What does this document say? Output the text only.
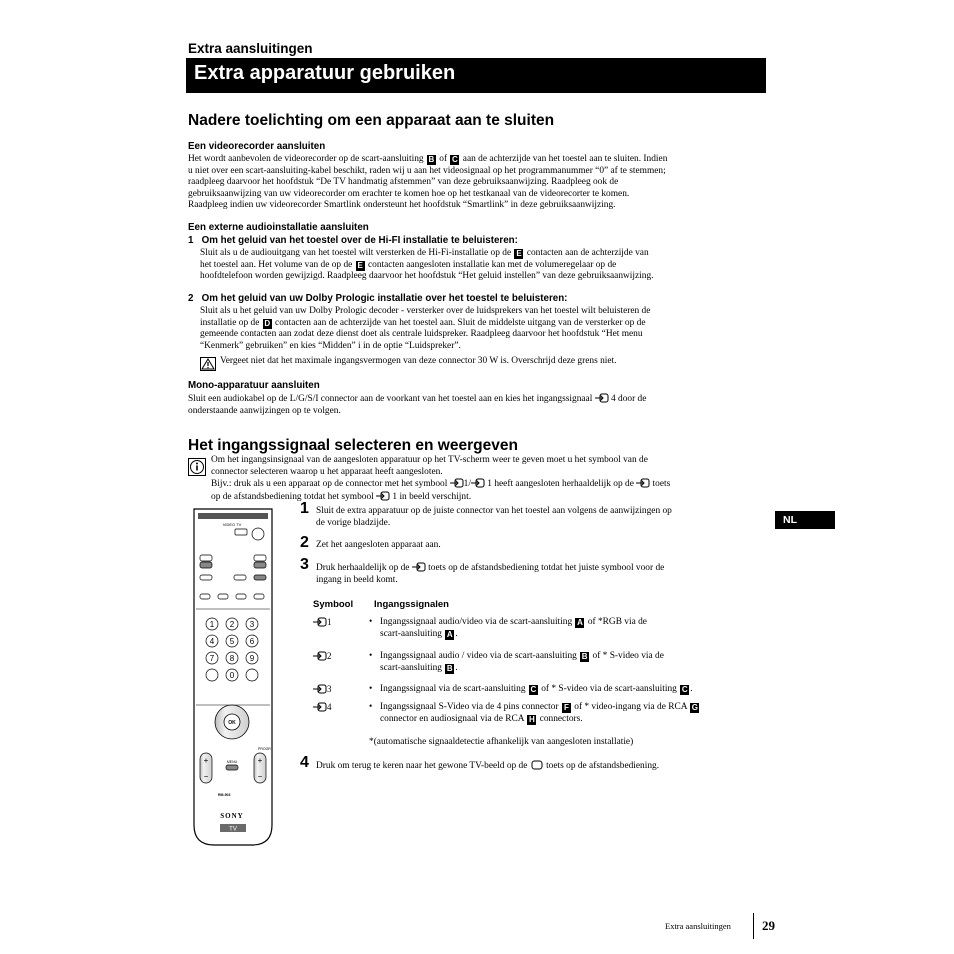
Extra aansluitingen
Extra apparatuur gebruiken
Nadere toelichting om een apparaat aan te sluiten
Een videorecorder aansluiten
Het wordt aanbevolen de videorecorder op de scart-aansluiting B of C aan de achterzijde van het toestel aan te sluiten. Indien
u niet over een scart-aansluiting-kabel beschikt, raden wij u aan het videosignaal op het programmanummer “0” af te stemmen;
raadpleeg daarvoor het hoofdstuk “De TV handmatig afstemmen” van deze gebruiksaanwijzing. Raadpleeg ook de
gebruiksaanwijzing van uw videorecorder om erachter te komen hoe op het testkanaal van de videorecorter te komen.
Raadpleeg indien uw videorecorder Smartlink ondersteunt het hoofdstuk “Smartlink” in deze gebruiksaanwijzing.
Een externe audioinstallatie aansluiten
1 Om het geluid van het toestel over de Hi-FI installatie te beluisteren:
Sluit als u de audiouitgang van het toestel wilt versterken de Hi-Fi-installatie op de E contacten aan de achterzijde van
het toestel aan. Het volume van de op de E contacten aangesloten installatie kan met de volumeregelaar op de
hoofdtelefoon worden gewijzigd. Raadpleeg daarvoor het hoofdstuk “Het geluid instellen” van deze gebruiksaanwijzing.
2 Om het geluid van uw Dolby Prologic installatie over het toestel te beluisteren:
Sluit als u het geluid van uw Dolby Prologic decoder - versterker over de luidsprekers van het toestel wilt beluisteren de
installatie op de D contacten aan de achterzijde van het toestel aan. Sluit de middelste uitgang van de versterker op de
gemeende contacten aan zodat deze dienst doet als centrale luidspreker. Raadpleeg daarvoor het hoofdstuk “Het menu
“Kenmerk” gebruiken” en kies “Midden” i in de optie “Luidspreker”.
Vergeet niet dat het maximale ingangsvermogen van deze connector 30 W is. Overschrijd deze grens niet.
Mono-apparatuur aansluiten
Sluit een audiokabel op de L/G/S/I connector aan de voorkant van het toestel aan en kies het ingangssignaal 4 door de
onderstaande aanwijzingen op te volgen.
Het ingangssignaal selecteren en weergeven
Om het ingangsinsignaal van de aangesloten apparatuur op het TV-scherm weer te geven moet u het symbool van de
connector selecteren waarop u het apparaat heeft aangesloten.
Bijv.: druk als u een apparaat op de connector met het symbool 1/ 1 heeft aangesloten herhaaldelijk op de toets
op de afstandsbediening totdat het symbool 1 in beeld verschijnt.
VIDEO TV
1 2 3
4 5 6
7 8 9
0
OK
PROGR
+
−
+
−
MENU
RM-903
SONY
TV
1 Sluit de extra apparatuur op de juiste connector van het toestel aan volgens de aanwijzingen op
de vorige bladzijde.
2 Zet het aangesloten apparaat aan.
3 Druk herhaaldelijk op de toets op de afstandsbediening totdat het juiste symbool voor de
ingang in beeld komt.
Symbool Ingangssignalen
1	• Ingangssignaal audio/video via de scart-aansluiting A of *RGB via de
scart-aansluiting A .
2	• Ingangssignaal audio / video via de scart-aansluiting B of * S-video via de
scart-aansluiting B .
3	• Ingangssignaal via de scart-aansluiting C of * S-video via de scart-aansluiting C .
4	• Ingangssignaal S-Video via de 4 pins connector F of * video-ingang via de RCA G
connector en audiosignaal via de RCA H connectors.
*(automatische signaaldetectie afhankelijk van aangesloten installatie)
4 Druk om terug te keren naar het gewone TV-beeld op de toets op de afstandsbediening.
NL
Extra aansluitingen 29
